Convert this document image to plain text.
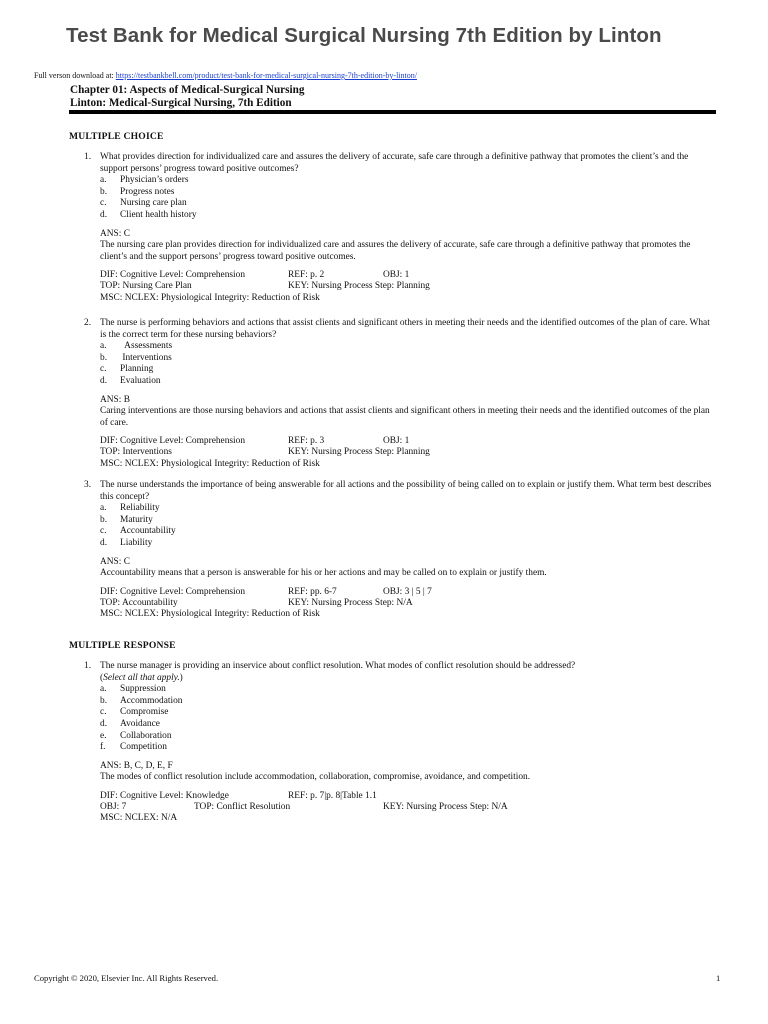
Test Bank for Medical Surgical Nursing 7th Edition by Linton
Full verson download at: https://testbankbell.com/product/test-bank-for-medical-surgical-nursing-7th-edition-by-linton/
Chapter 01: Aspects of Medical-Surgical Nursing
Linton: Medical-Surgical Nursing, 7th Edition
MULTIPLE CHOICE
1. What provides direction for individualized care and assures the delivery of accurate, safe care through a definitive pathway that promotes the client’s and the support persons’ progress toward positive outcomes?
a. Physician’s orders
b. Progress notes
c. Nursing care plan
d. Client health history
ANS: C
The nursing care plan provides direction for individualized care and assures the delivery of accurate, safe care through a definitive pathway that promotes the client’s and the support persons’ progress toward positive outcomes.
DIF: Cognitive Level: Comprehension	REF: p. 2	OBJ: 1
TOP: Nursing Care Plan	KEY: Nursing Process Step: Planning
MSC: NCLEX: Physiological Integrity: Reduction of Risk
2. The nurse is performing behaviors and actions that assist clients and significant others in meeting their needs and the identified outcomes of the plan of care. What is the correct term for these nursing behaviors?
a.  Assessments
b. Interventions
c. Planning
d. Evaluation
ANS: B
Caring interventions are those nursing behaviors and actions that assist clients and significant others in meeting their needs and the identified outcomes of the plan of care.
DIF: Cognitive Level: Comprehension	REF: p. 3	OBJ: 1
TOP: Interventions	KEY: Nursing Process Step: Planning
MSC: NCLEX: Physiological Integrity: Reduction of Risk
3. The nurse understands the importance of being answerable for all actions and the possibility of being called on to explain or justify them. What term best describes this concept?
a. Reliability
b. Maturity
c. Accountability
d. Liability
ANS: C
Accountability means that a person is answerable for his or her actions and may be called on to explain or justify them.
DIF: Cognitive Level: Comprehension	REF: pp. 6-7	OBJ: 3 | 5 | 7
TOP: Accountability	KEY: Nursing Process Step: N/A
MSC: NCLEX: Physiological Integrity: Reduction of Risk
MULTIPLE RESPONSE
1. The nurse manager is providing an inservice about conflict resolution. What modes of conflict resolution should be addressed?
(Select all that apply.)
a. Suppression
b. Accommodation
c. Compromise
d. Avoidance
e. Collaboration
f. Competition
ANS: B, C, D, E, F
The modes of conflict resolution include accommodation, collaboration, compromise, avoidance, and competition.
DIF: Cognitive Level: Knowledge	REF: p. 7|p. 8|Table 1.1
OBJ: 7	TOP: Conflict Resolution	KEY: Nursing Process Step: N/A
MSC: NCLEX: N/A
Copyright © 2020, Elsevier Inc. All Rights Reserved.	1
